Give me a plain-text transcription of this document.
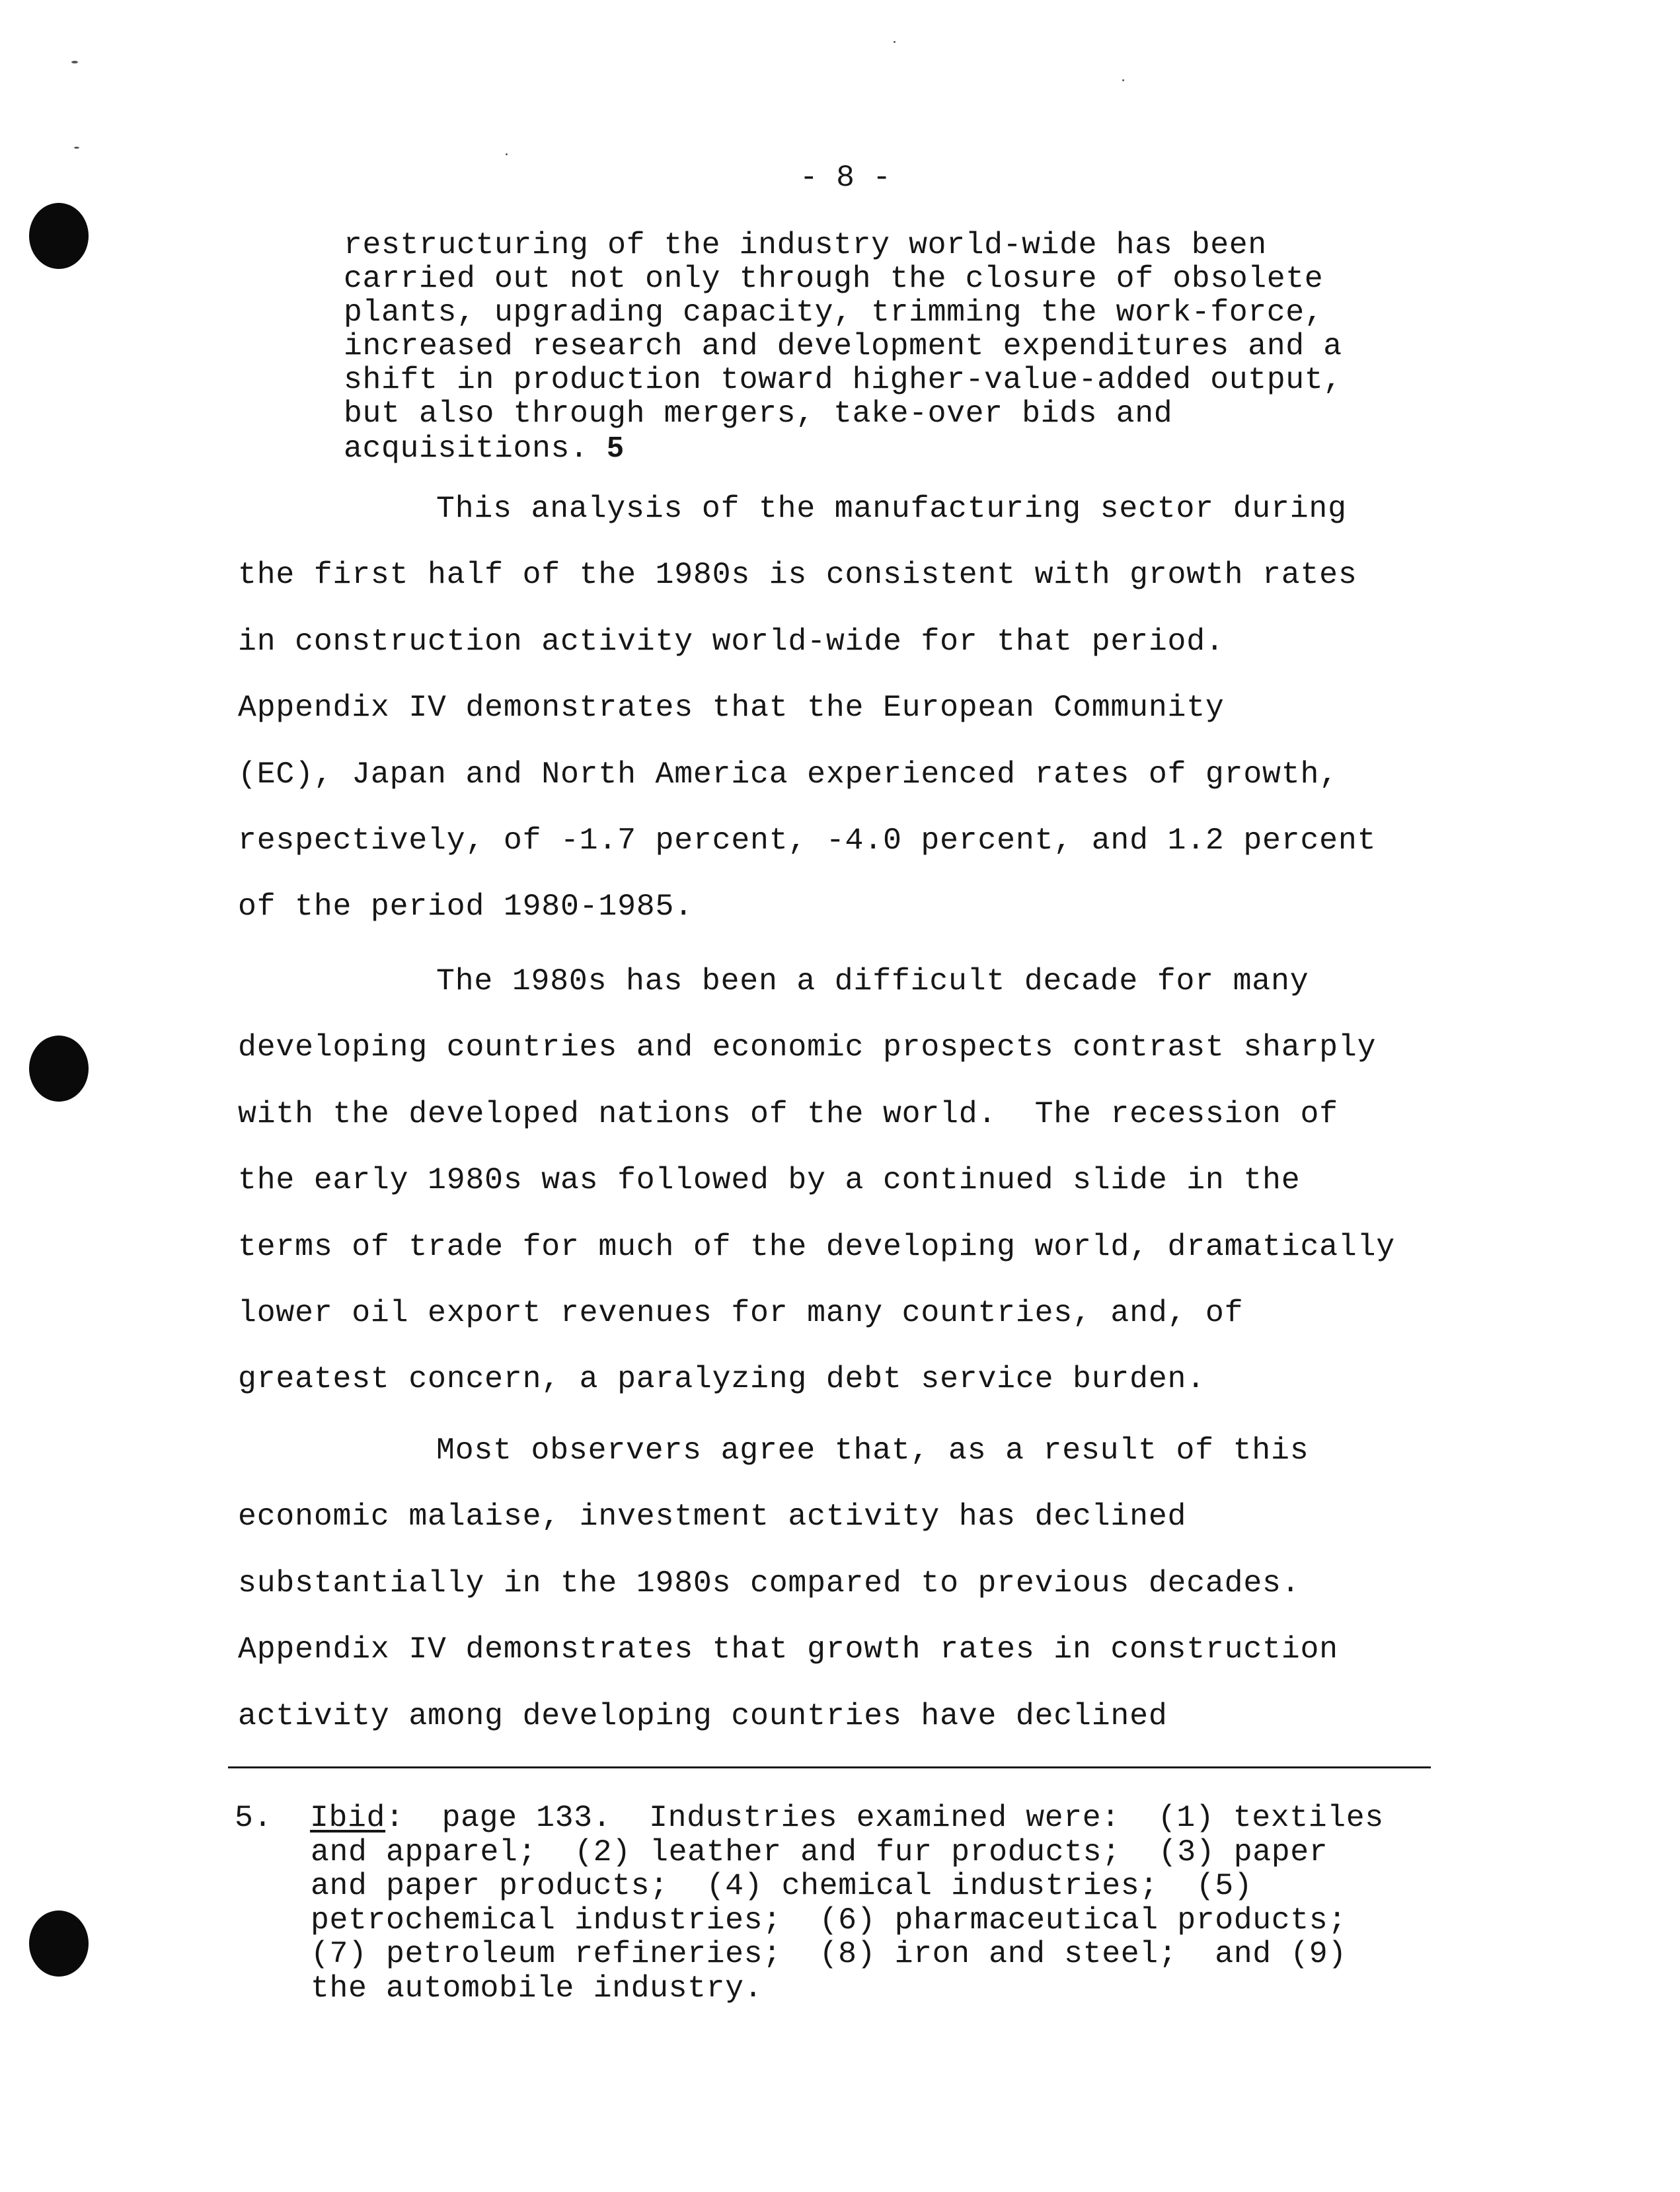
- 8 -
restructuring of the industry world-wide has been
carried out not only through the closure of obsolete
plants, upgrading capacity, trimming the work-force,
increased research and development expenditures and a
shift in production toward higher-value-added output,
but also through mergers, take-over bids and
acquisitions. 5
This analysis of the manufacturing sector during
the first half of the 1980s is consistent with growth rates
in construction activity world-wide for that period.
Appendix IV demonstrates that the European Community
(EC), Japan and North America experienced rates of growth,
respectively, of -1.7 percent, -4.0 percent, and 1.2 percent
of the period 1980-1985.
The 1980s has been a difficult decade for many
developing countries and economic prospects contrast sharply
with the developed nations of the world.  The recession of
the early 1980s was followed by a continued slide in the
terms of trade for much of the developing world, dramatically
lower oil export revenues for many countries, and, of
greatest concern, a paralyzing debt service burden.
Most observers agree that, as a result of this
economic malaise, investment activity has declined
substantially in the 1980s compared to previous decades.
Appendix IV demonstrates that growth rates in construction
activity among developing countries have declined
5. Ibid:  page 133.  Industries examined were:  (1) textiles
and apparel;  (2) leather and fur products;  (3) paper
and paper products;  (4) chemical industries;  (5)
petrochemical industries;  (6) pharmaceutical products;
(7) petroleum refineries;  (8) iron and steel;  and (9)
the automobile industry.
